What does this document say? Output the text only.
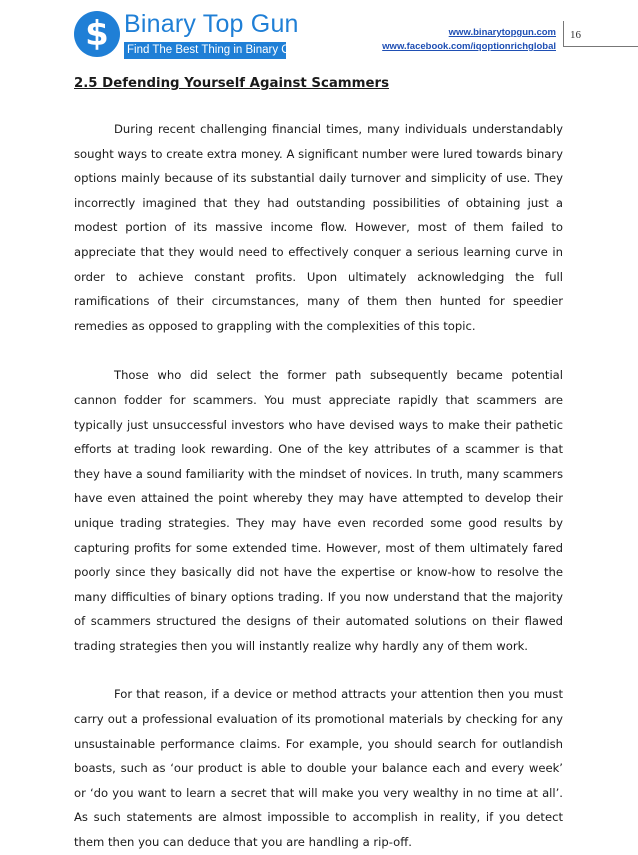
$ Binary Top Gun
Find The Best Thing in Binary Options
www.binarytopgun.com
www.facebook.com/iqoptionrichglobal
16
2.5 Defending Yourself Against Scammers

During recent challenging financial times, many individuals understandably sought ways to create extra money. A significant number were lured towards binary options mainly because of its substantial daily turnover and simplicity of use. They incorrectly imagined that they had outstanding possibilities of obtaining just a modest portion of its massive income flow. However, most of them failed to appreciate that they would need to effectively conquer a serious learning curve in order to achieve constant profits. Upon ultimately acknowledging the full ramifications of their circumstances, many of them then hunted for speedier remedies as opposed to grappling with the complexities of this topic.

Those who did select the former path subsequently became potential cannon fodder for scammers. You must appreciate rapidly that scammers are typically just unsuccessful investors who have devised ways to make their pathetic efforts at trading look rewarding. One of the key attributes of a scammer is that they have a sound familiarity with the mindset of novices. In truth, many scammers have even attained the point whereby they may have attempted to develop their unique trading strategies. They may have even recorded some good results by capturing profits for some extended time. However, most of them ultimately fared poorly since they basically did not have the expertise or know-how to resolve the many difficulties of binary options trading. If you now understand that the majority of scammers structured the designs of their automated solutions on their flawed trading strategies then you will instantly realize why hardly any of them work.

For that reason, if a device or method attracts your attention then you must carry out a professional evaluation of its promotional materials by checking for any unsustainable performance claims. For example, you should search for outlandish boasts, such as ‘our product is able to double your balance each and every week’ or ‘do you want to learn a secret that will make you very wealthy in no time at all’. As such statements are almost impossible to accomplish in reality, if you detect them then you can deduce that you are handling a rip-off.
